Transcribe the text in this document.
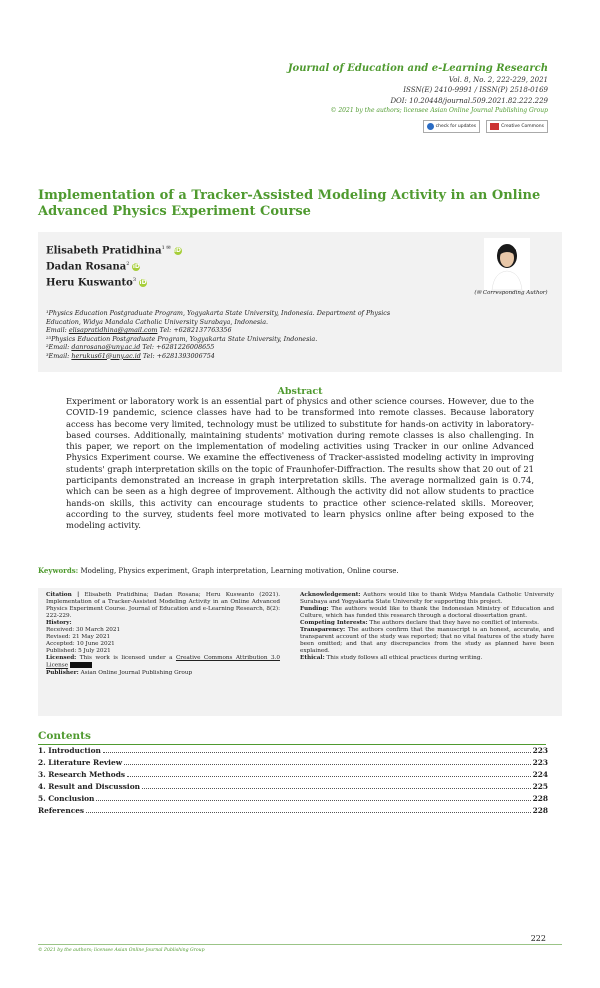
Journal of Education and e-Learning Research
Vol. 8, No. 2, 222-229, 2021
ISSN(E) 2410-9991 / ISSN(P) 2518-0169
DOI: 10.20448/journal.509.2021.82.222.229
© 2021 by the authors; licensee Asian Online Journal Publishing Group
check for updates	Creative Commons
Implementation of a Tracker-Assisted Modeling Activity in an Online Advanced Physics Experiment Course
Elisabeth Pratidhina$^{1 ✉}$ iD
Dadan Rosana$^2$ iD
Heru Kuswanto$^3$ iD
(✉ Corresponding Author)
¹Physics Education Postgraduate Program, Yogyakarta State University, Indonesia. Department of Physics Education, Widya Mandala Catholic University Surabaya, Indonesia.
Email: elisapratidhina@gmail.com Tel: +6282137763356
²³Physics Education Postgraduate Program, Yogyakarta State University, Indonesia.
²Email: danrosana@uny.ac.id Tel: +6281226008655
³Email: herukus61@uny.ac.id Tel: +6281393006754
Abstract
Experiment or laboratory work is an essential part of physics and other science courses. However, due to the COVID-19 pandemic, science classes have had to be transformed into remote classes. Because laboratory access has become very limited, technology must be utilized to substitute for hands-on activity in laboratory-based courses. Additionally, maintaining students' motivation during remote classes is also challenging. In this paper, we report on the implementation of modeling activities using Tracker in our online Advanced Physics Experiment course. We examine the effectiveness of Tracker-assisted modeling activity in improving students' graph interpretation skills on the topic of Fraunhofer-Diffraction. The results show that 20 out of 21 participants demonstrated an increase in graph interpretation skills. The average normalized gain is 0.74, which can be seen as a high degree of improvement. Although the activity did not allow students to practice hands-on skills, this activity can encourage students to practice other science-related skills. Moreover, according to the survey, students feel more motivated to learn physics online after being exposed to the modeling activity.
Keywords: Modeling, Physics experiment, Graph interpretation, Learning motivation, Online course.
Citation | Elisabeth Pratidhina; Dadan Rosana; Heru Kuswanto (2021). Implementation of a Tracker-Assisted Modeling Activity in an Online Advanced Physics Experiment Course. Journal of Education and e-Learning Research, 8(2): 222-229.
History:
Received: 30 March 2021
Revised: 21 May 2021
Accepted: 10 June 2021
Published: 5 July 2021
Licensed: This work is licensed under a Creative Commons Attribution 3.0 License
Publisher: Asian Online Journal Publishing Group
Acknowledgement: Authors would like to thank Widya Mandala Catholic University Surabaya and Yogyakarta State University for supporting this project.
Funding: The authors would like to thank the Indonesian Ministry of Education and Culture, which has funded this research through a doctoral dissertation grant.
Competing Interests: The authors declare that they have no conflict of interests.
Transparency: The authors confirm that the manuscript is an honest, accurate, and transparent account of the study was reported; that no vital features of the study have been omitted; and that any discrepancies from the study as planned have been explained.
Ethical: This study follows all ethical practices during writing.
Contents
1. Introduction	223
2. Literature Review	223
3. Research Methods	224
4. Result and Discussion	225
5. Conclusion	228
References	228
222
© 2021 by the authors; licensee Asian Online Journal Publishing Group
